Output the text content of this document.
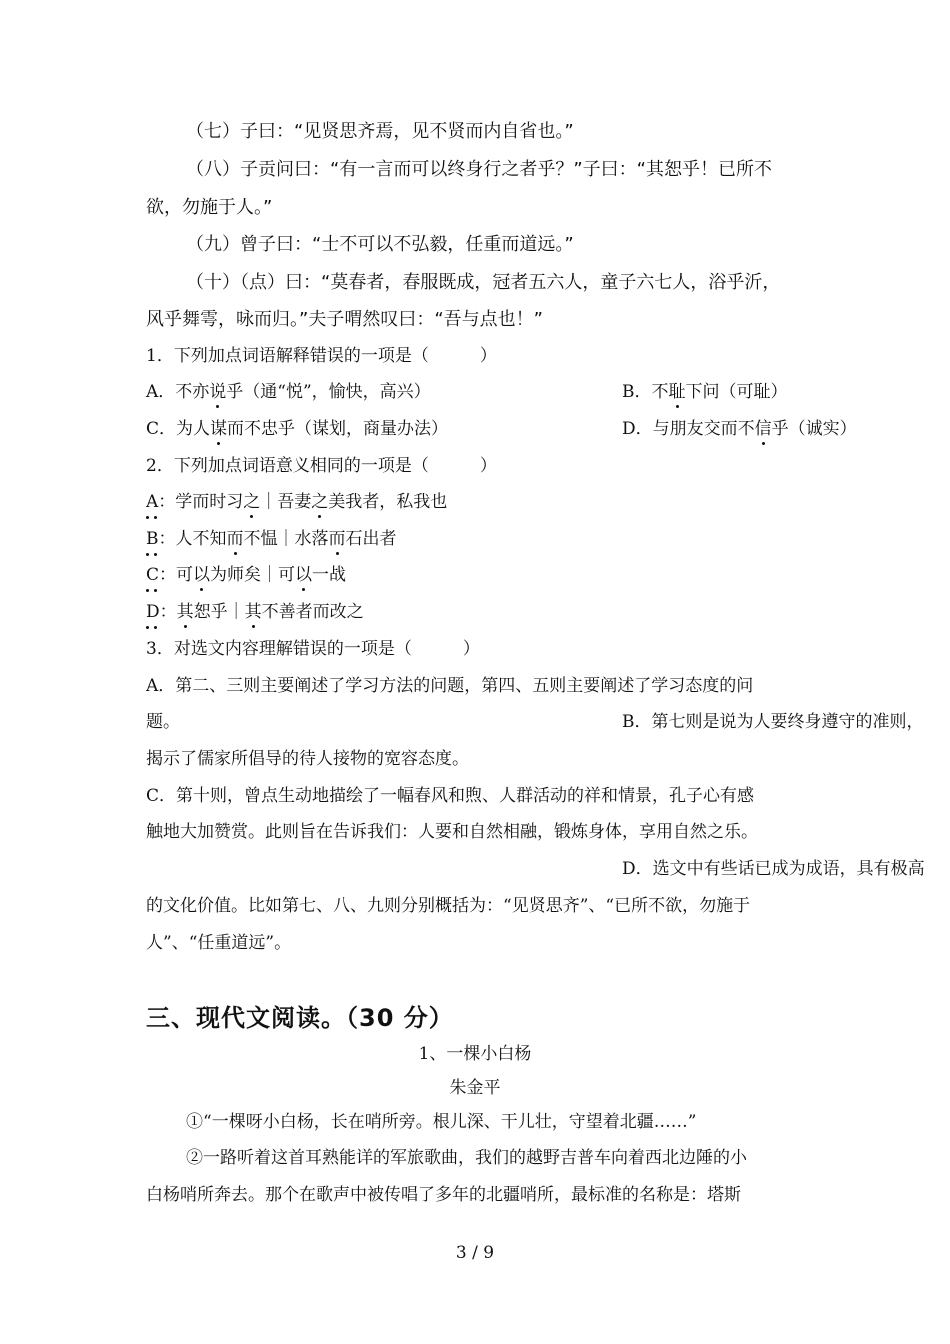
（七）子曰：“见贤思齐焉，见不贤而内自省也。”
（八）子贡问曰：“有一言而可以终身行之者乎？”子曰：“其恕乎！已所不
欲，勿施于人。”
（九）曾子曰：“士不可以不弘毅，任重而道远。”
（十）（点）曰：“莫春者，春服既成，冠者五六人，童子六七人，浴乎沂，
风乎舞雩，咏而归。”夫子喟然叹曰：“吾与点也！”
1．下列加点词语解释错误的一项是（　　　）
A．不亦说乎（通“悦”，愉快，高兴）	B．不耻下问（可耻）
C．为人谋而不忠乎（谋划，商量办法）	D．与朋友交而不信乎（诚实）
2．下列加点词语意义相同的一项是（　　　）
A：学而时习之｜吾妻之美我者，私我也
B：人不知而不愠｜水落而石出者
C：可以为师矣｜可以一战
D：其恕乎｜其不善者而改之
3．对选文内容理解错误的一项是（　　　）
A．第二、三则主要阐述了学习方法的问题，第四、五则主要阐述了学习态度的问
题。	B．第七则是说为人要终身遵守的准则，
揭示了儒家所倡导的待人接物的宽容态度。
C．第十则，曾点生动地描绘了一幅春风和煦、人群活动的祥和情景，孔子心有感
触地大加赞赏。此则旨在告诉我们：人要和自然相融，锻炼身体，享用自然之乐。
D．选文中有些话已成为成语，具有极高
的文化价值。比如第七、八、九则分别概括为：“见贤思齐”、“已所不欲，勿施于
人”、“任重道远”。
三、现代文阅读。（30 分）
1、一棵小白杨
朱金平
①“一棵呀小白杨，长在哨所旁。根儿深、干儿壮，守望着北疆……”
②一路听着这首耳熟能详的军旅歌曲，我们的越野吉普车向着西北边陲的小
白杨哨所奔去。那个在歌声中被传唱了多年的北疆哨所，最标准的名称是：塔斯
3 / 9
